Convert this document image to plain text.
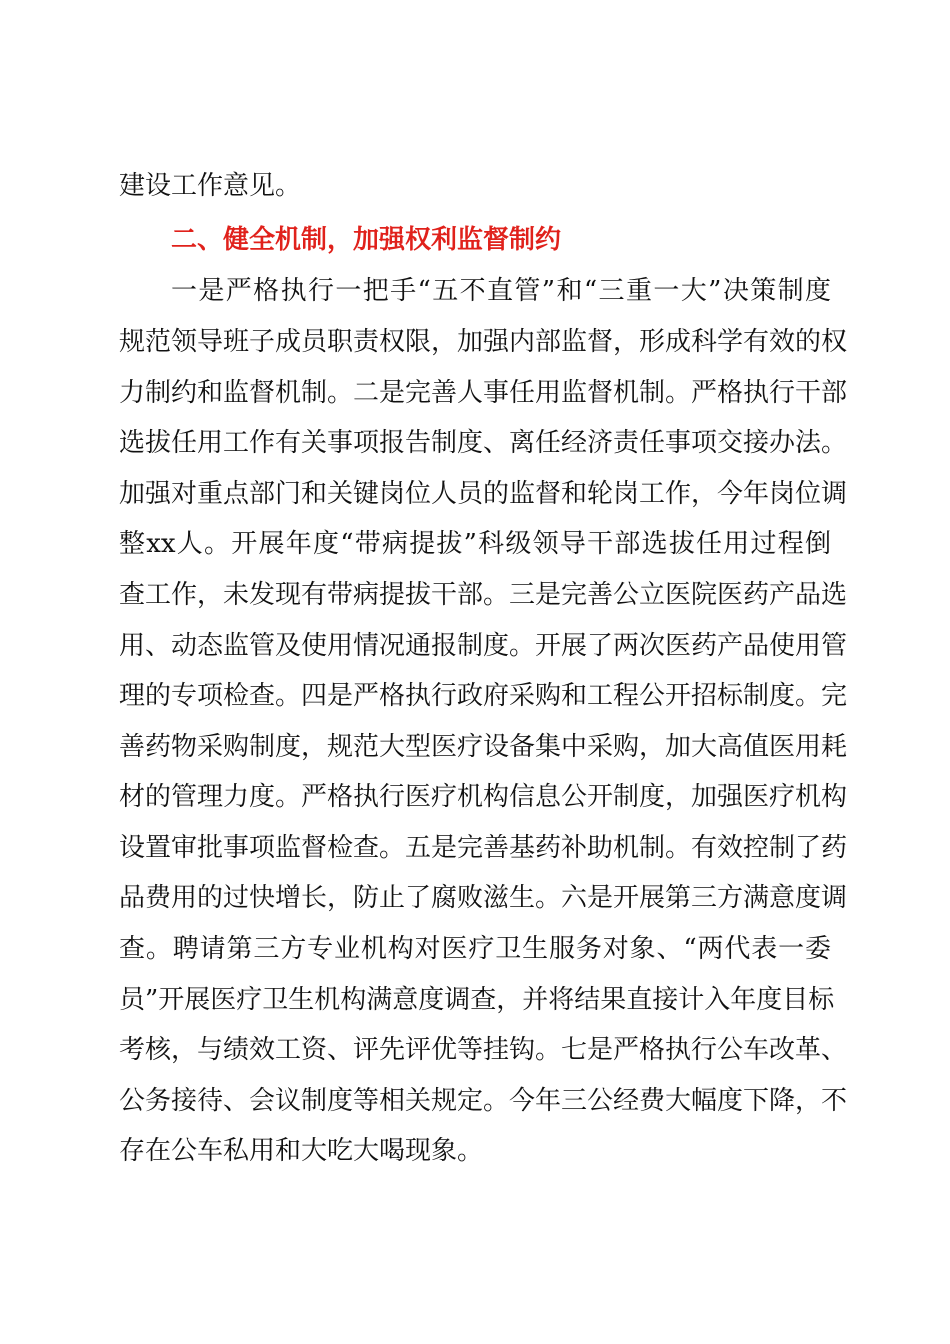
建设工作意见。
二、健全机制，加强权利监督制约
一是严格执行一把手“五不直管”和“三重一大”决策制度
规范领导班子成员职责权限，加强内部监督，形成科学有效的权
力制约和监督机制。二是完善人事任用监督机制。严格执行干部
选拔任用工作有关事项报告制度、离任经济责任事项交接办法。
加强对重点部门和关键岗位人员的监督和轮岗工作，今年岗位调
整xx人。开展年度“带病提拔”科级领导干部选拔任用过程倒
查工作，未发现有带病提拔干部。三是完善公立医院医药产品选
用、动态监管及使用情况通报制度。开展了两次医药产品使用管
理的专项检查。四是严格执行政府采购和工程公开招标制度。完
善药物采购制度，规范大型医疗设备集中采购，加大高值医用耗
材的管理力度。严格执行医疗机构信息公开制度，加强医疗机构
设置审批事项监督检查。五是完善基药补助机制。有效控制了药
品费用的过快增长，防止了腐败滋生。六是开展第三方满意度调
查。聘请第三方专业机构对医疗卫生服务对象、“两代表一委
员”开展医疗卫生机构满意度调查，并将结果直接计入年度目标
考核，与绩效工资、评先评优等挂钩。七是严格执行公车改革、
公务接待、会议制度等相关规定。今年三公经费大幅度下降，不
存在公车私用和大吃大喝现象。
